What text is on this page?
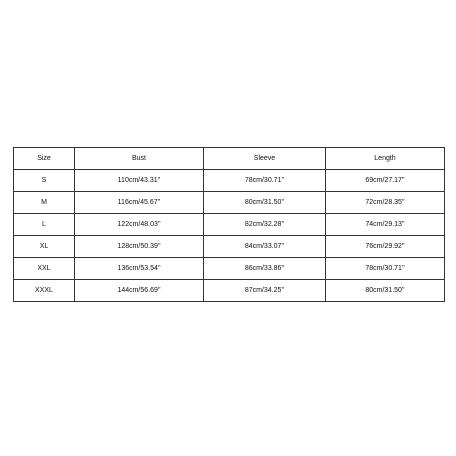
Size	Bust	Sleeve	Length
S	110cm/43.31''	78cm/30.71''	69cm/27.17''
M	116cm/45.67''	80cm/31.50''	72cm/28.35''
L	122cm/48.03''	82cm/32.28''	74cm/29.13''
XL	128cm/50.39''	84cm/33.07''	76cm/29.92''
XXL	136cm/53.54''	86cm/33.86''	78cm/30.71''
XXXL	144cm/56.69''	87cm/34.25''	80cm/31.50''
